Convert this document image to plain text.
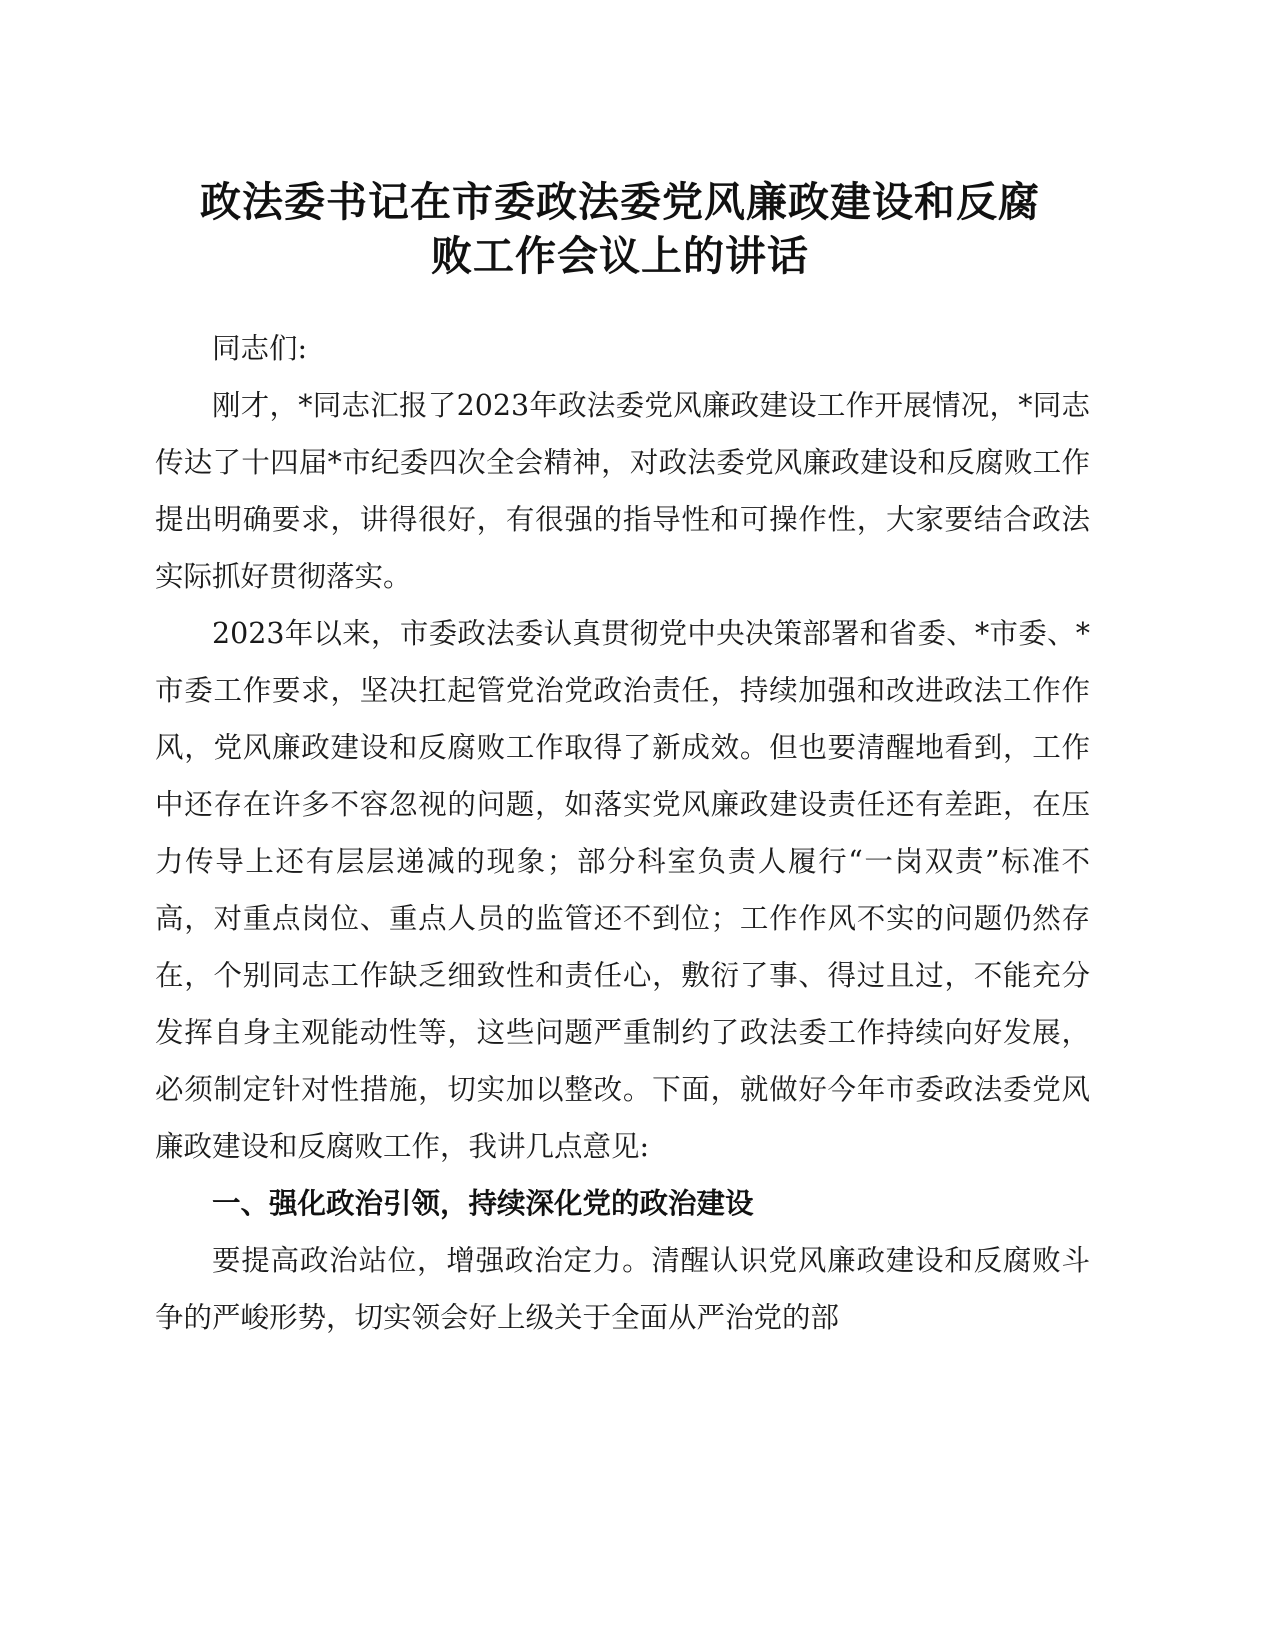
政法委书记在市委政法委党风廉政建设和反腐
败工作会议上的讲话

同志们:

刚才，*同志汇报了2023年政法委党风廉政建设工作开展情况，*同志传达了十四届*市纪委四次全会精神，对政法委党风廉政建设和反腐败工作提出明确要求，讲得很好，有很强的指导性和可操作性，大家要结合政法实际抓好贯彻落实。

2023年以来，市委政法委认真贯彻党中央决策部署和省委、*市委、*市委工作要求，坚决扛起管党治党政治责任，持续加强和改进政法工作作风，党风廉政建设和反腐败工作取得了新成效。但也要清醒地看到，工作中还存在许多不容忽视的问题，如落实党风廉政建设责任还有差距，在压力传导上还有层层递减的现象；部分科室负责人履行“一岗双责”标准不高，对重点岗位、重点人员的监管还不到位；工作作风不实的问题仍然存在，个别同志工作缺乏细致性和责任心，敷衍了事、得过且过，不能充分发挥自身主观能动性等，这些问题严重制约了政法委工作持续向好发展，必须制定针对性措施，切实加以整改。下面，就做好今年市委政法委党风廉政建设和反腐败工作，我讲几点意见:

一、强化政治引领，持续深化党的政治建设

要提高政治站位，增强政治定力。清醒认识党风廉政建设和反腐败斗争的严峻形势，切实领会好上级关于全面从严治党的部
